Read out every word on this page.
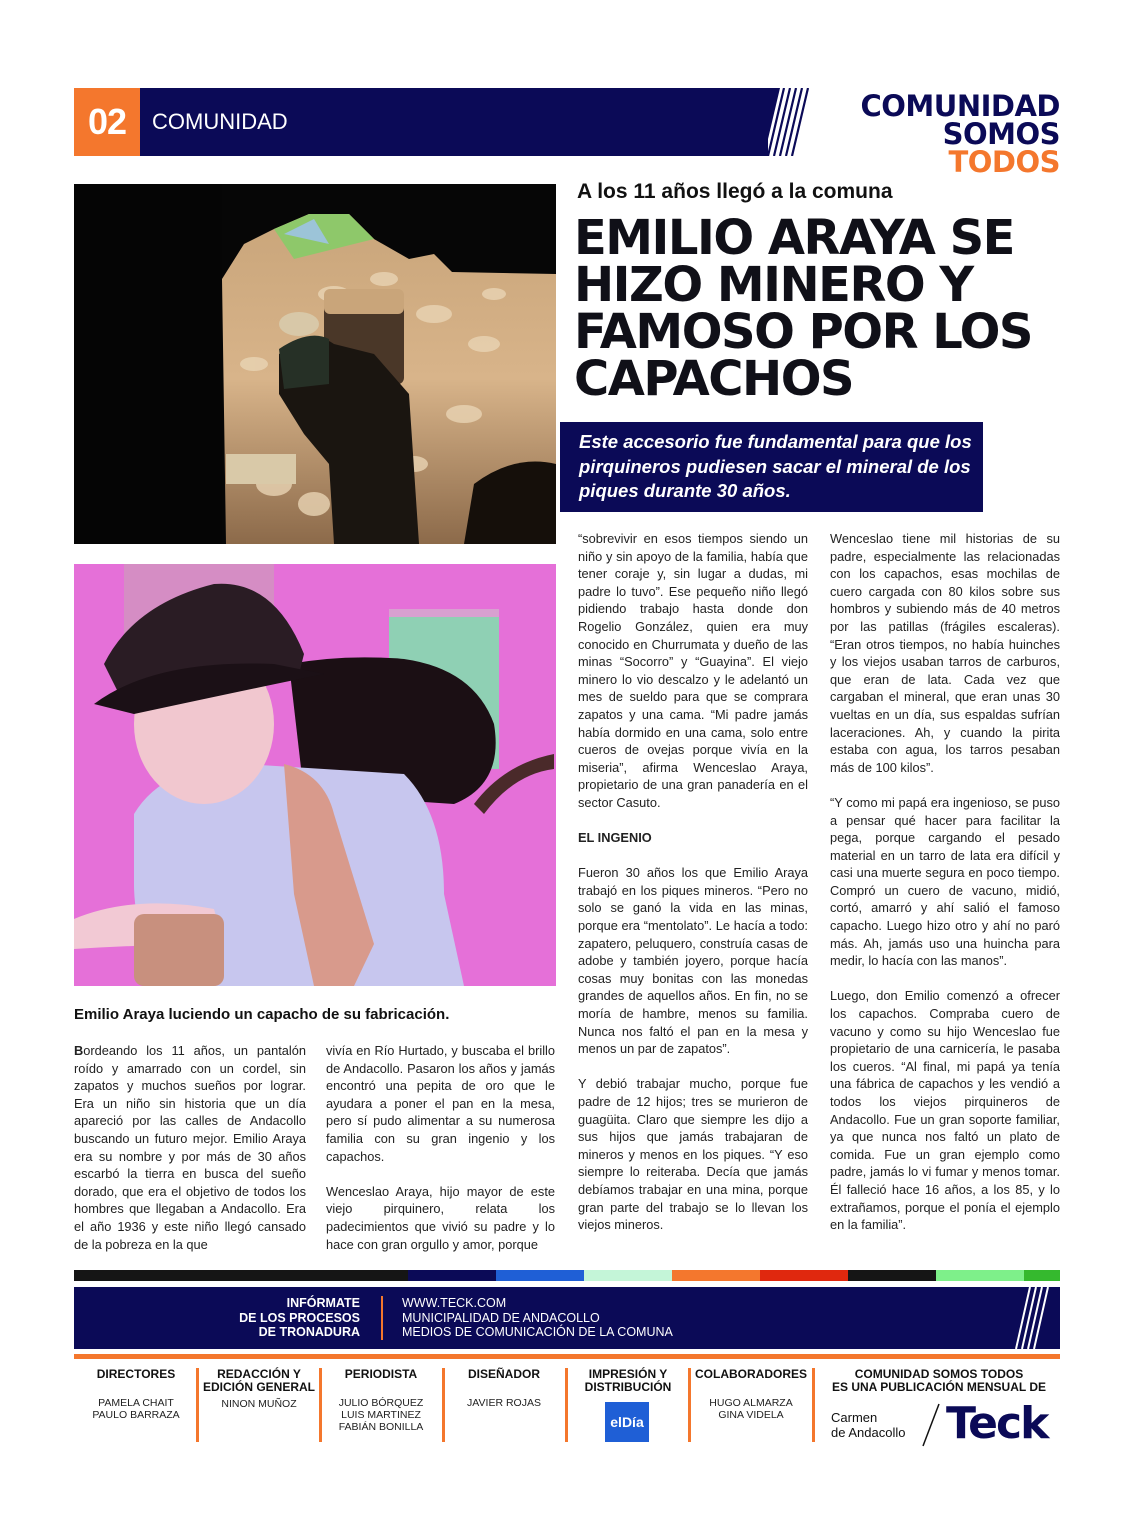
02	COMUNIDAD	COMUNIDAD
SOMOS TODOS
Emilio Araya luciendo un capacho de su fabricación.
A los 11 años llegó a la comuna
EMILIO ARAYA SE HIZO MINERO Y FAMOSO POR LOS CAPACHOS
Este accesorio fue fundamental para que los pirquineros pudiesen sacar el mineral de los piques durante 30 años.

Bordeando los 11 años, un pantalón roído y amarrado con un cordel, sin zapatos y muchos sueños por lograr. Era un niño sin historia que un día apareció por las calles de Andacollo buscando un futuro mejor. Emilio Araya era su nombre y por más de 30 años escarbó la tierra en busca del sueño dorado, que era el objetivo de todos los hombres que llegaban a Andacollo. Era el año 1936 y este niño llegó cansado de la pobreza en la que

vivía en Río Hurtado, y buscaba el brillo de Andacollo. Pasaron los años y jamás encontró una pepita de oro que le ayudara a poner el pan en la mesa, pero sí pudo alimentar a su numerosa familia con su gran ingenio y los capachos.

Wenceslao Araya, hijo mayor de este viejo pirquinero, relata los padecimientos que vivió su padre y lo hace con gran orgullo y amor, porque

“sobrevivir en esos tiempos siendo un niño y sin apoyo de la familia, había que tener coraje y, sin lugar a dudas, mi padre lo tuvo”. Ese pequeño niño llegó pidiendo trabajo hasta donde don Rogelio González, quien era muy conocido en Churrumata y dueño de las minas “Socorro” y “Guayina”. El viejo minero lo vio descalzo y le adelantó un mes de sueldo para que se comprara zapatos y una cama. “Mi padre jamás había dormido en una cama, solo entre cueros de ovejas porque vivía en la miseria”, afirma Wenceslao Araya, propietario de una gran panadería en el sector Casuto.

EL INGENIO

Fueron 30 años los que Emilio Araya trabajó en los piques mineros. “Pero no solo se ganó la vida en las minas, porque era “mentolato”. Le hacía a todo: zapatero, peluquero, construía casas de adobe y también joyero, porque hacía cosas muy bonitas con las monedas grandes de aquellos años. En fin, no se moría de hambre, menos su familia. Nunca nos faltó el pan en la mesa y menos un par de zapatos”.

Y debió trabajar mucho, porque fue padre de 12 hijos; tres se murieron de guagüita. Claro que siempre les dijo a sus hijos que jamás trabajaran de mineros y menos en los piques. “Y eso siempre lo reiteraba. Decía que jamás debíamos trabajar en una mina, porque gran parte del trabajo se lo llevan los viejos mineros.

Wenceslao tiene mil historias de su padre, especialmente las relacionadas con los capachos, esas mochilas de cuero cargada con 80 kilos sobre sus hombros y subiendo más de 40 metros por las patillas (frágiles escaleras). “Eran otros tiempos, no había huinches y los viejos usaban tarros de carburos, que eran de lata. Cada vez que cargaban el mineral, que eran unas 30 vueltas en un día, sus espaldas sufrían laceraciones. Ah, y cuando la pirita estaba con agua, los tarros pesaban más de 100 kilos”.

“Y como mi papá era ingenioso, se puso a pensar qué hacer para facilitar la pega, porque cargando el pesado material en un tarro de lata era difícil y casi una muerte segura en poco tiempo. Compró un cuero de vacuno, midió, cortó, amarró y ahí salió el famoso capacho. Luego hizo otro y ahí no paró más. Ah, jamás uso una huincha para medir, lo hacía con las manos”.

Luego, don Emilio comenzó a ofrecer los capachos. Compraba cuero de vacuno y como su hijo Wenceslao fue propietario de una carnicería, le pasaba los cueros. “Al final, mi papá ya tenía una fábrica de capachos y les vendió a todos los viejos pirquineros de Andacollo. Fue un gran soporte familiar, ya que nunca nos faltó un plato de comida. Fue un gran ejemplo como padre, jamás lo vi fumar y menos tomar. Él falleció hace 16 años, a los 85, y lo extrañamos, porque el ponía el ejemplo en la familia”.

INFÓRMATE
DE LOS PROCESOS
DE TRONADURA
WWW.TECK.COM
MUNICIPALIDAD DE ANDACOLLO
MEDIOS DE COMUNICACIÓN DE LA COMUNA
DIRECTORES
PAMELA CHAIT
PAULO BARRAZA
REDACCIÓN Y
EDICIÓN GENERAL
NINON MUÑOZ
PERIODISTA
JULIO BÓRQUEZ
LUIS MARTINEZ
FABIÁN BONILLA
DISEÑADOR
JAVIER ROJAS
IMPRESIÓN Y
DISTRIBUCIÓN
elDía
COLABORADORES
HUGO ALMARZA
GINA VIDELA
COMUNIDAD SOMOS TODOS
ES UNA PUBLICACIÓN MENSUAL DE
Carmen
de Andacollo Teck
